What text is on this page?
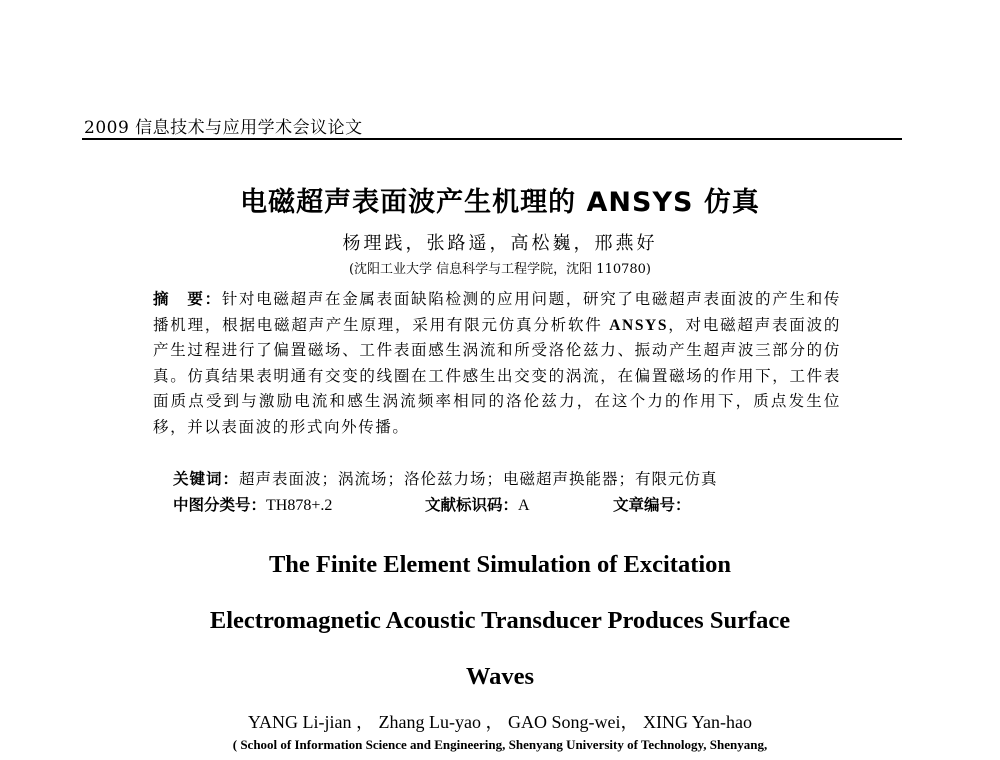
2009 信息技术与应用学术会议论文
电磁超声表面波产生机理的 ANSYS 仿真
杨理践，张路遥，高松巍，邢燕好
(沈阳工业大学 信息科学与工程学院，沈阳 110780)
摘　要：针对电磁超声在金属表面缺陷检测的应用问题，研究了电磁超声表面波的产生和传播机理，根据电磁超声产生原理，采用有限元仿真分析软件 ANSYS，对电磁超声表面波的产生过程进行了偏置磁场、工件表面感生涡流和所受洛伦兹力、振动产生超声波三部分的仿真。仿真结果表明通有交变的线圈在工件感生出交变的涡流，在偏置磁场的作用下，工件表面质点受到与激励电流和感生涡流频率相同的洛伦兹力，在这个力的作用下，质点发生位移，并以表面波的形式向外传播。
关键词：超声表面波；涡流场；洛伦兹力场；电磁超声换能器；有限元仿真
中图分类号：TH878+.2	文献标识码：A	文章编号：
The Finite Element Simulation of Excitation
Electromagnetic Acoustic Transducer Produces Surface
Waves
YANG Li-jian ， Zhang Lu-yao ， GAO Song-wei， XING Yan-hao
( School of Information Science and Engineering, Shenyang University of Technology, Shenyang,
